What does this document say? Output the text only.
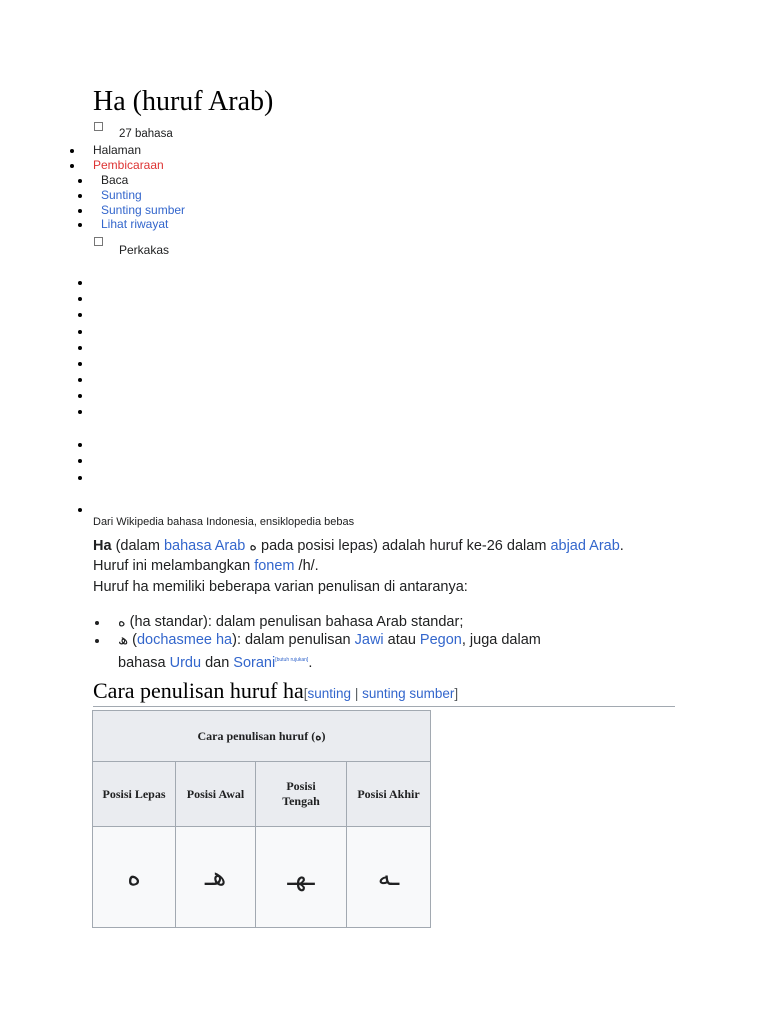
Ha (huruf Arab)
27 bahasa
Halaman
Pembicaraan
Baca
Sunting
Sunting sumber
Lihat riwayat
Perkakas
Dari Wikipedia bahasa Indonesia, ensiklopedia bebas
Ha (dalam bahasa Arab ه pada posisi lepas) adalah huruf ke-26 dalam abjad Arab.
Huruf ini melambangkan fonem /h/.
Huruf ha memiliki beberapa varian penulisan di antaranya:
ه (ha standar): dalam penulisan bahasa Arab standar;
ھ (dochasmee ha): dalam penulisan Jawi atau Pegon, juga dalam
bahasa Urdu dan Sorani[butuh rujukan].
Cara penulisan huruf ha[sunting | sunting sumber]
Cara penulisan huruf (ه)			
Posisi Lepas	Posisi Awal	Posisi Tengah	Posisi Akhir
ه	هـ	ـهـ	ـه
